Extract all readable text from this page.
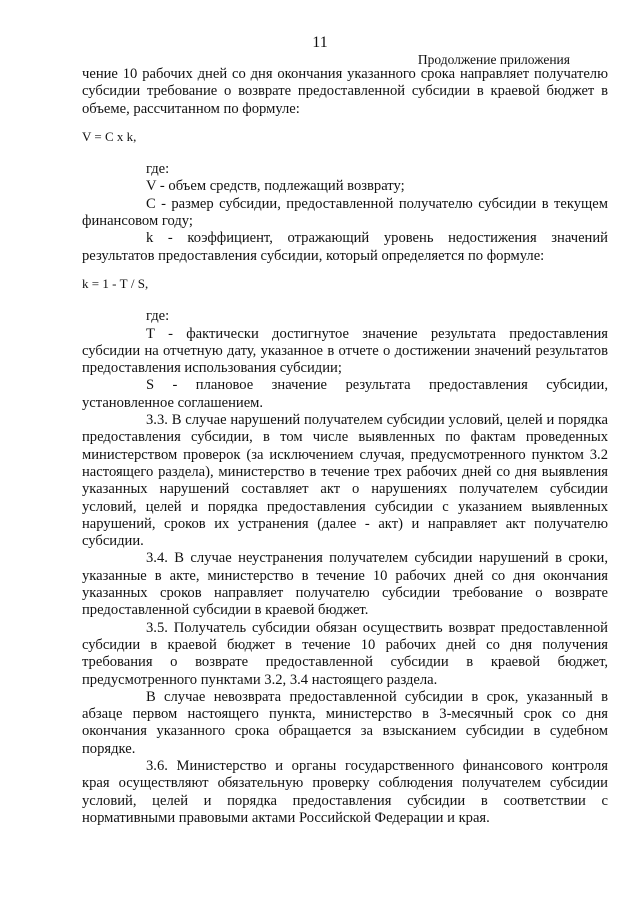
11
Продолжение приложения

чение 10 рабочих дней со дня окончания указанного срока направляет получателю субсидии требование о возврате предоставленной субсидии в краевой бюджет в объеме, рассчитанном по формуле:

V = С х k,

где:

V - объем средств, подлежащий возврату;

С - размер субсидии, предоставленной получателю субсидии в текущем финансовом году;

k - коэффициент, отражающий уровень недостижения значений результатов предоставления субсидии, который определяется по формуле:

k = 1 - Т / S,

где:

Т - фактически достигнутое значение результата предоставления субсидии на отчетную дату, указанное в отчете о достижении значений результатов предоставления использования субсидии;

S - плановое значение результата предоставления субсидии, установленное соглашением.

3.3. В случае нарушений получателем субсидии условий, целей и порядка предоставления субсидии, в том числе выявленных по фактам проведенных министерством проверок (за исключением случая, предусмотренного пунктом 3.2 настоящего раздела), министерство в течение трех рабочих дней со дня выявления указанных нарушений составляет акт о нарушениях получателем субсидии условий, целей и порядка предоставления субсидии с указанием выявленных нарушений, сроков их устранения (далее - акт) и направляет акт получателю субсидии.

3.4. В случае неустранения получателем субсидии нарушений в сроки, указанные в акте, министерство в течение 10 рабочих дней со дня окончания указанных сроков направляет получателю субсидии требование о возврате предоставленной субсидии в краевой бюджет.

3.5. Получатель субсидии обязан осуществить возврат предоставленной субсидии в краевой бюджет в течение 10 рабочих дней со дня получения требования о возврате предоставленной субсидии в краевой бюджет, предусмотренного пунктами 3.2, 3.4 настоящего раздела.

В случае невозврата предоставленной субсидии в срок, указанный в абзаце первом настоящего пункта, министерство в 3-месячный срок со дня окончания указанного срока обращается за взысканием субсидии в судебном порядке.

3.6. Министерство и органы государственного финансового контроля края осуществляют обязательную проверку соблюдения получателем субсидии условий, целей и порядка предоставления субсидии в соответствии с нормативными правовыми актами Российской Федерации и края.
